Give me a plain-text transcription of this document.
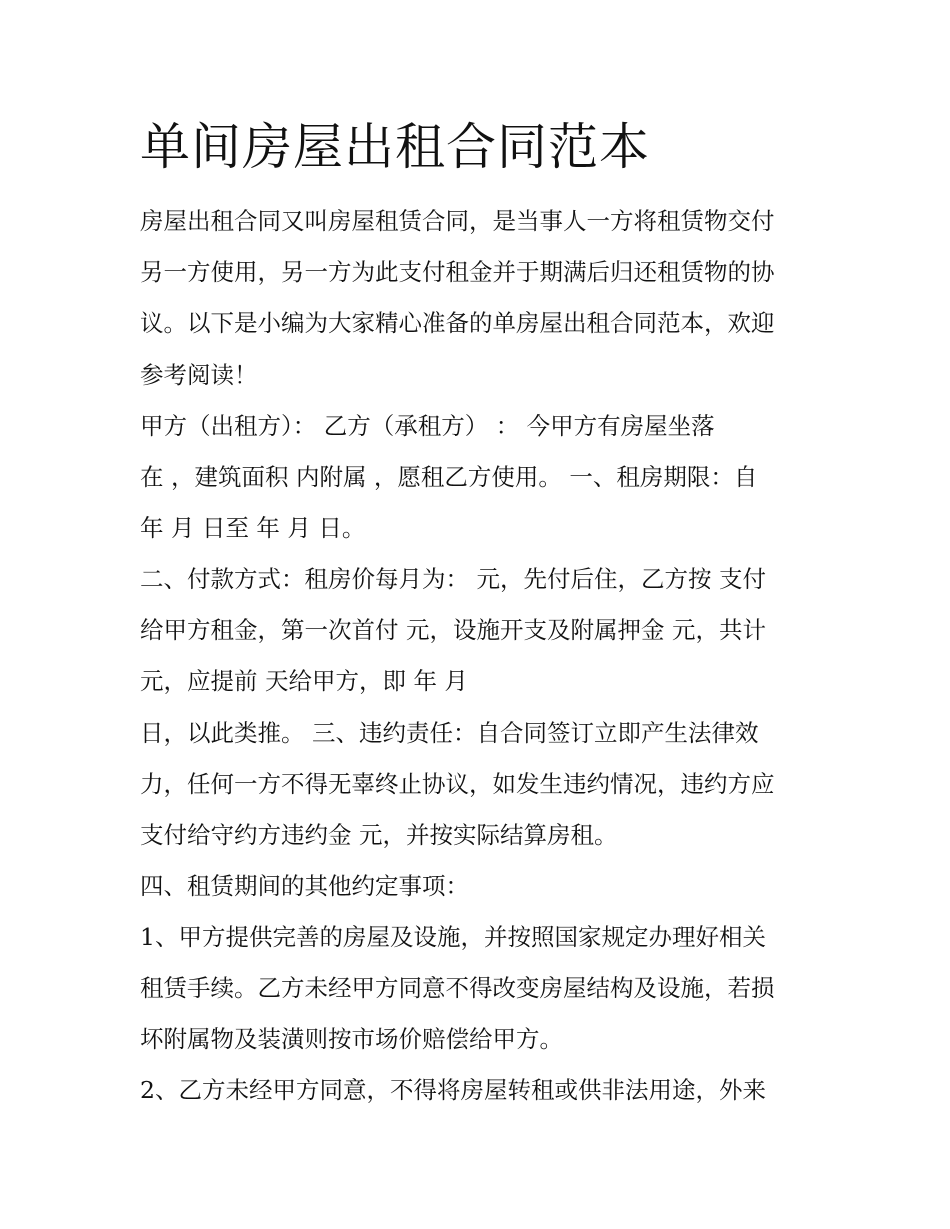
单间房屋出租合同范本
房屋出租合同又叫房屋租赁合同，是当事人一方将租赁物交付
另一方使用，另一方为此支付租金并于期满后归还租赁物的协
议。以下是小编为大家精心准备的单房屋出租合同范本，欢迎
参考阅读！
甲方（出租方）： 乙方（承租方） ： 今甲方有房屋坐落
在 ，建筑面积 内附属 ，愿租乙方使用。 一、租房期限：自
年 月 日至 年 月 日。
二、付款方式：租房价每月为： 元，先付后住，乙方按 支付
给甲方租金，第一次首付 元，设施开支及附属押金 元，共计
元，应提前 天给甲方，即 年 月
日，以此类推。 三、违约责任：自合同签订立即产生法律效
力，任何一方不得无辜终止协议，如发生违约情况，违约方应
支付给守约方违约金 元，并按实际结算房租。
四、租赁期间的其他约定事项：
1、甲方提供完善的房屋及设施，并按照国家规定办理好相关
租赁手续。乙方未经甲方同意不得改变房屋结构及设施，若损
坏附属物及装潢则按市场价赔偿给甲方。
2、乙方未经甲方同意，不得将房屋转租或供非法用途，外来
